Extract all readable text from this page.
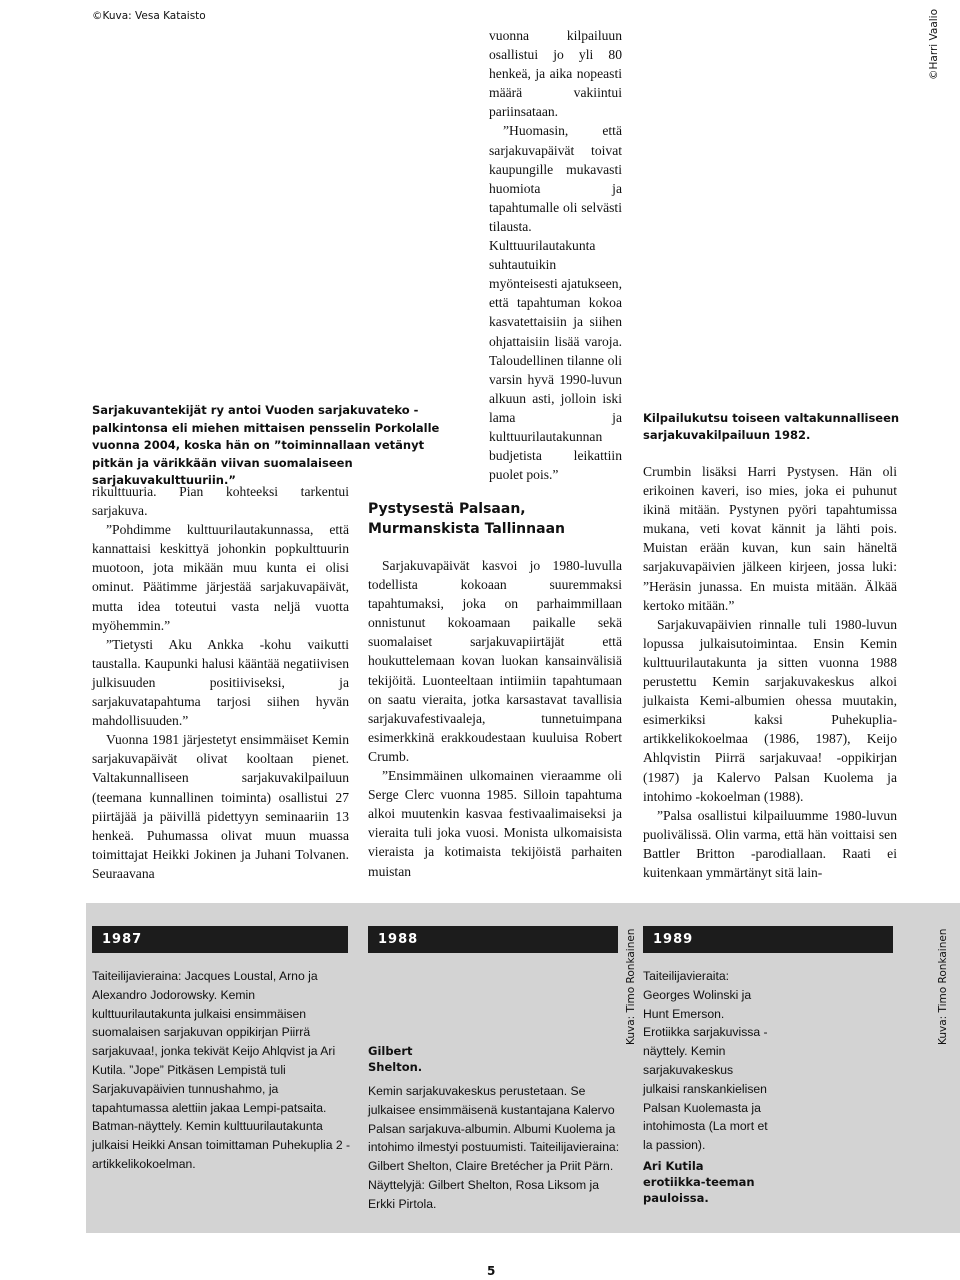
©Kuva: Vesa Kataisto	©Harri Vaalio
Sarjakuvantekijät ry antoi Vuoden sarjakuvateko -palkintonsa eli miehen mittaisen pensselin Porkolalle vuonna 2004, koska hän on ”toiminnallaan vetänyt pitkän ja värikkään viivan suomalaiseen sarjakuvakulttuuriin.”

rikulttuuria. Pian kohteeksi tarkentui sarjakuva.

”Pohdimme kulttuurilautakunnassa, että kannattaisi keskittyä johonkin popkulttuurin muotoon, jota mikään muu kunta ei olisi ominut. Päätimme järjestää sarjakuvapäivät, mutta idea toteutui vasta neljä vuotta myöhemmin.”

”Tietysti Aku Ankka -kohu vaikutti taustalla. Kaupunki halusi kääntää negatiivisen julkisuuden positiiviseksi, ja sarjakuvatapahtuma tarjosi siihen hyvän mahdollisuuden.”

Vuonna 1981 järjestetyt ensimmäiset Kemin sarjakuvapäivät olivat kooltaan pienet. Valtakunnalliseen sarjakuvakilpailuun (teemana kunnallinen toiminta) osallistui 27 piirtäjää ja päivillä pidettyyn seminaariin 13 henkeä. Puhumassa olivat muun muassa toimittajat Heikki Jokinen ja Juhani Tolvanen. Seuraavana

vuonna kilpailuun osallistui jo yli 80 henkeä, ja aika nopeasti määrä vakiintui pariinsataan.

”Huomasin, että sarjakuvapäivät toivat kaupungille mukavasti huomiota ja tapahtumalle oli selvästi tilausta. Kulttuurilautakunta suhtautuikin myönteisesti ajatukseen, että tapahtuman kokoa kasvatettaisiin ja siihen ohjattaisiin lisää varoja. Taloudellinen tilanne oli varsin hyvä 1990-luvun alkuun asti, jolloin iski lama ja kulttuurilautakunnan budjetista leikattiin puolet pois.”

Pystysestä Palsaan, Murmanskista Tallinnaan

Sarjakuvapäivät kasvoi jo 1980-luvulla todellista kokoaan suuremmaksi tapahtumaksi, joka on parhaimmillaan onnistunut kokoamaan paikalle sekä suomalaiset sarjakuvapiirtäjät että houkuttelemaan kovan luokan kansainvälisiä tekijöitä. Luonteeltaan intiimiin tapahtumaan on saatu vieraita, jotka karsastavat tavallisia sarjakuvafestivaaleja, tunnetuimpana esimerkkinä erakkoudestaan kuuluisa Robert Crumb.

”Ensimmäinen ulkomainen vieraamme oli Serge Clerc vuonna 1985. Silloin tapahtuma alkoi muutenkin kasvaa festivaalimaiseksi ja vieraita tuli joka vuosi. Monista ulkomaisista vieraista ja kotimaista tekijöistä parhaiten muistan

Kilpailukutsu toiseen valtakunnalliseen sarjakuvakilpailuun 1982.

Crumbin lisäksi Harri Pystysen. Hän oli erikoinen kaveri, iso mies, joka ei puhunut ikinä mitään. Pystynen pyöri tapahtumissa mukana, veti kovat kännit ja lähti pois. Muistan erään kuvan, kun sain häneltä sarjakuvapäivien jälkeen kirjeen, jossa luki: ”Heräsin junassa. En muista mitään. Älkää kertoko mitään.”

Sarjakuvapäivien rinnalle tuli 1980-luvun lopussa julkaisutoimintaa. Ensin Kemin kulttuurilautakunta ja sitten vuonna 1988 perustettu Kemin sarjakuvakeskus alkoi julkaista Kemi-albumien ohessa muutakin, esimerkiksi kaksi Puhekuplia-artikkelikokoelmaa (1986, 1987), Keijo Ahlqvistin Piirrä sarjakuvaa! -oppikirjan (1987) ja Kalervo Palsan Kuolema ja intohimo -kokoelman (1988).

”Palsa osallistui kilpailuumme 1980-luvun puolivälissä. Olin varma, että hän voittaisi sen Battler Britton -parodiallaan. Raati ei kuitenkaan ymmärtänyt sitä lain-

1987

Taiteilijavieraina: Jacques Loustal, Arno ja Alexandro Jodorowsky. Kemin kulttuurilautakunta julkaisi ensimmäisen suomalaisen sarjakuvan oppikirjan Piirrä sarjakuvaa!, jonka tekivät Keijo Ahlqvist ja Ari Kutila. ”Jope” Pitkäsen Lempistä tuli Sarjakuvapäivien tunnushahmo, ja tapahtumassa alettiin jakaa Lempi-patsaita. Batman-näyttely. Kemin kulttuurilautakunta julkaisi Heikki Ansan toimittaman Puhekuplia 2 -artikkelikokoelman.

1988
Gilbert Shelton.

Kemin sarjakuvakeskus perustetaan. Se julkaisee ensimmäisenä kustantajana Kalervo Palsan sarjakuva-albumin. Albumi Kuolema ja intohimo ilmestyi postuumisti. Taiteilijavieraina: Gilbert Shelton, Claire Bretécher ja Priit Pärn. Näyttelyjä: Gilbert Shelton, Rosa Liksom ja Erkki Pirtola.

Kuva: Timo Ronkainen	1989

Taiteilijavieraita: Georges Wolinski ja Hunt Emerson. Erotiikka sarjakuvissa -näyttely. Kemin sarjakuvakeskus julkaisi ranskankielisen Palsan Kuolemasta ja intohimosta (La mort et la passion).

Ari Kutila erotiikka-teeman pauloissa.
Kuva: Timo Ronkainen
5
